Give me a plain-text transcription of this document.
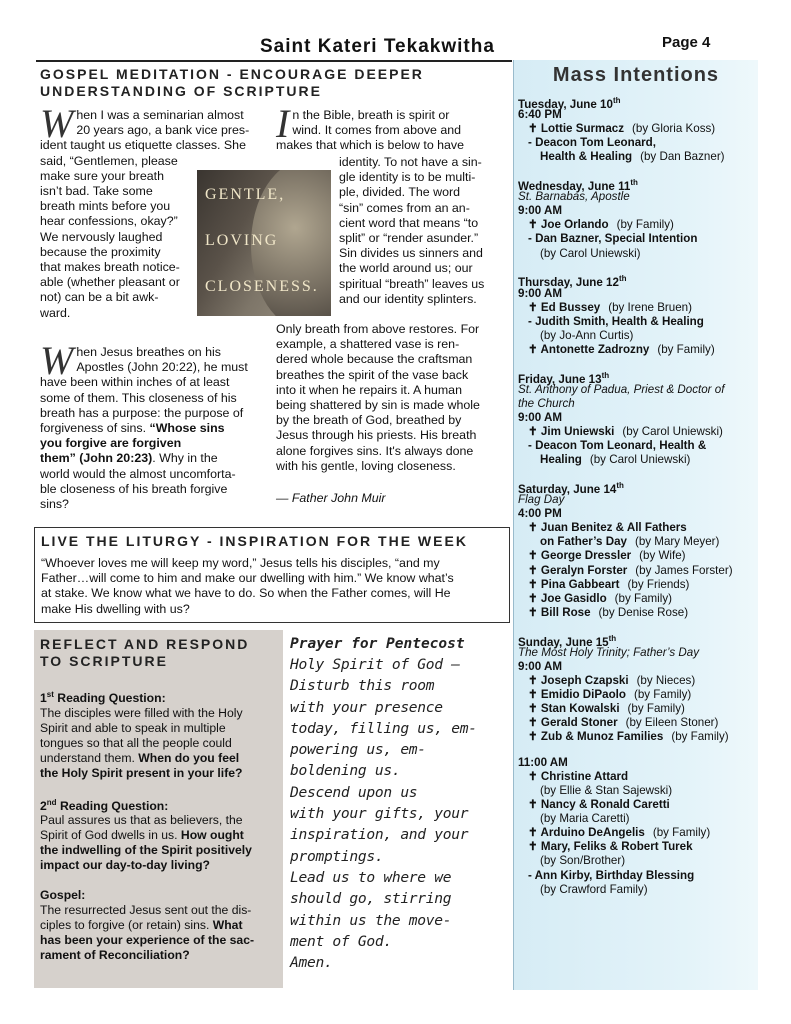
Saint Kateri Tekakwitha	Page 4
GOSPEL MEDITATION - ENCOURAGE DEEPER
UNDERSTANDING OF SCRIPTURE
W hen I was a seminarian almost
20 years ago, a bank vice pres-
ident taught us etiquette classes. She
said, “Gentlemen, please
make sure your breath
isn’t bad. Take some
breath mints before you
hear confessions, okay?”
We nervously laughed
because the proximity
that makes breath notice-
able (whether pleasant or
not) can be a bit awk-
ward.
W hen Jesus breathes on his
Apostles (John 20:22), he must
have been within inches of at least
some of them. This closeness of his
breath has a purpose: the purpose of
forgiveness of sins. “Whose sins
you forgive are forgiven
them” (John 20:23). Why in the
world would the almost uncomforta-
ble closeness of his breath forgive
sins?
I n the Bible, breath is spirit or
wind. It comes from above and
makes that which is below to have
GENTLE,
LOVING
CLOSENESS.
identity. To not have a sin-
gle identity is to be multi-
ple, divided. The word
“sin” comes from an an-
cient word that means “to
split” or “render asunder.”
Sin divides us sinners and
the world around us; our
spiritual “breath” leaves us
and our identity splinters.
Only breath from above restores. For
example, a shattered vase is ren-
dered whole because the craftsman
breathes the spirit of the vase back
into it when he repairs it. A human
being shattered by sin is made whole
by the breath of God, breathed by
Jesus through his priests. His breath
alone forgives sins. It's always done
with his gentle, loving closeness.
— Father John Muir
LIVE THE LITURGY - INSPIRATION FOR THE WEEK
“Whoever loves me will keep my word,” Jesus tells his disciples, “and my
Father…will come to him and make our dwelling with him.” We know what’s
at stake. We know what we have to do. So when the Father comes, will He
make His dwelling with us?
REFLECT AND RESPOND
TO SCRIPTURE
1st Reading Question:
The disciples were filled with the Holy
Spirit and able to speak in multiple
tongues so that all the people could
understand them. When do you feel
the Holy Spirit present in your life?
2nd Reading Question:
Paul assures us that as believers, the
Spirit of God dwells in us. How ought
the indwelling of the Spirit positively
impact our day-to-day living?
Gospel:
The resurrected Jesus sent out the dis-
ciples to forgive (or retain) sins. What
has been your experience of the sac-
rament of Reconciliation?
Prayer for Pentecost
Holy Spirit of God —
Disturb this room
with your presence
today, filling us, em-
powering us, em-
boldening us.
Descend upon us
with your gifts, your
inspiration, and your
promptings.
Lead us to where we
should go, stirring
within us the move-
ment of God.
Amen.
Mass Intentions
Tuesday, June 10th
6:40 PM
✝ Lottie Surmacz (by Gloria Koss)
- Deacon Tom Leonard,
Health & Healing (by Dan Bazner)
Wednesday, June 11th
St. Barnabas, Apostle
9:00 AM
✝ Joe Orlando (by Family)
- Dan Bazner, Special Intention
(by Carol Uniewski)
Thursday, June 12th
9:00 AM
✝ Ed Bussey (by Irene Bruen)
- Judith Smith, Health & Healing
(by Jo-Ann Curtis)
✝ Antonette Zadrozny (by Family)
Friday, June 13th
St. Anthony of Padua, Priest & Doctor of
the Church
9:00 AM
✝ Jim Uniewski (by Carol Uniewski)
- Deacon Tom Leonard, Health &
Healing (by Carol Uniewski)
Saturday, June 14th
Flag Day
4:00 PM
✝ Juan Benitez & All Fathers
on Father’s Day (by Mary Meyer)
✝ George Dressler (by Wife)
✝ Geralyn Forster (by James Forster)
✝ Pina Gabbeart (by Friends)
✝ Joe Gasidlo (by Family)
✝ Bill Rose (by Denise Rose)
Sunday, June 15th
The Most Holy Trinity; Father’s Day
9:00 AM
✝ Joseph Czapski (by Nieces)
✝ Emidio DiPaolo (by Family)
✝ Stan Kowalski (by Family)
✝ Gerald Stoner (by Eileen Stoner)
✝ Zub & Munoz Families (by Family)
11:00 AM
✝ Christine Attard
(by Ellie & Stan Sajewski)
✝ Nancy & Ronald Caretti
(by Maria Caretti)
✝ Arduino DeAngelis (by Family)
✝ Mary, Feliks & Robert Turek
(by Son/Brother)
- Ann Kirby, Birthday Blessing
(by Crawford Family)
